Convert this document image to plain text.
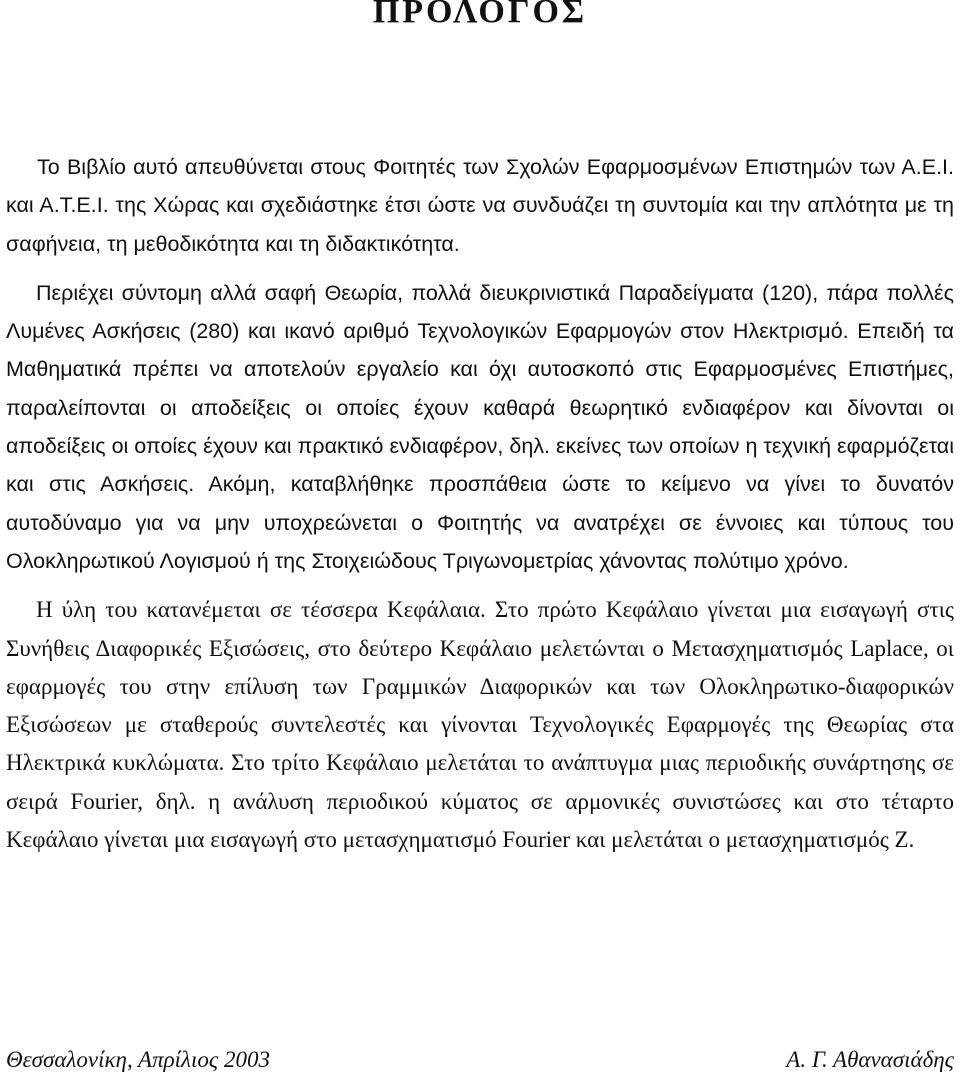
ΠΡΟΛΟΓΟΣ

Το Βιβλίο αυτό απευθύνεται στους Φοιτητές των Σχολών Εφαρμοσμένων Επιστημών των Α.Ε.Ι. και Α.Τ.Ε.Ι. της Χώρας και σχεδιάστηκε έτσι ώστε να συνδυάζει τη συντομία και την απλότητα με τη σαφήνεια, τη μεθοδικότητα και τη διδακτικότητα.

Περιέχει σύντομη αλλά σαφή Θεωρία, πολλά διευκρινιστικά Παραδείγματα (120), πάρα πολλές Λυμένες Ασκήσεις (280) και ικανό αριθμό Τεχνολογικών Εφαρμογών στον Ηλεκτρισμό. Επειδή τα Μαθηματικά πρέπει να αποτελούν εργαλείο και όχι αυτοσκοπό στις Εφαρμοσμένες Επιστήμες, παραλείπονται οι αποδείξεις οι οποίες έχουν καθαρά θεωρητικό ενδιαφέρον και δίνονται οι αποδείξεις οι οποίες έχουν και πρακτικό ενδιαφέρον, δηλ. εκείνες των οποίων η τεχνική εφαρμόζεται και στις Ασκήσεις. Ακόμη, καταβλήθηκε προσπάθεια ώστε το κείμενο να γίνει το δυνατόν αυτοδύναμο για να μην υποχρεώνεται ο Φοιτητής να ανατρέχει σε έννοιες και τύπους του Ολοκληρωτικού Λογισμού ή της Στοιχειώδους Τριγωνομετρίας χάνοντας πολύτιμο χρόνο.

Η ύλη του κατανέμεται σε τέσσερα Κεφάλαια. Στο πρώτο Κεφάλαιο γίνεται μια εισαγωγή στις Συνήθεις Διαφορικές Εξισώσεις, στο δεύτερο Κεφάλαιο μελετώνται ο Μετασχηματισμός Laplace, οι εφαρμογές του στην επίλυση των Γραμμικών Διαφορικών και των Ολοκληρωτικο-διαφορικών Εξισώσεων με σταθερούς συντελεστές και γίνονται Τεχνολογικές Εφαρμογές της Θεωρίας στα Ηλεκτρικά κυκλώματα. Στο τρίτο Κεφάλαιο μελετάται το ανάπτυγμα μιας περιοδικής συνάρτησης σε σειρά Fourier, δηλ. η ανάλυση περιοδικού κύματος σε αρμονικές συνιστώσες και στο τέταρτο Κεφάλαιο γίνεται μια εισαγωγή στο μετασχηματισμό Fourier και μελετάται ο μετασχηματισμός Z.

Θεσσαλονίκη, Απρίλιος 2003	Α. Γ. Αθανασιάδης
